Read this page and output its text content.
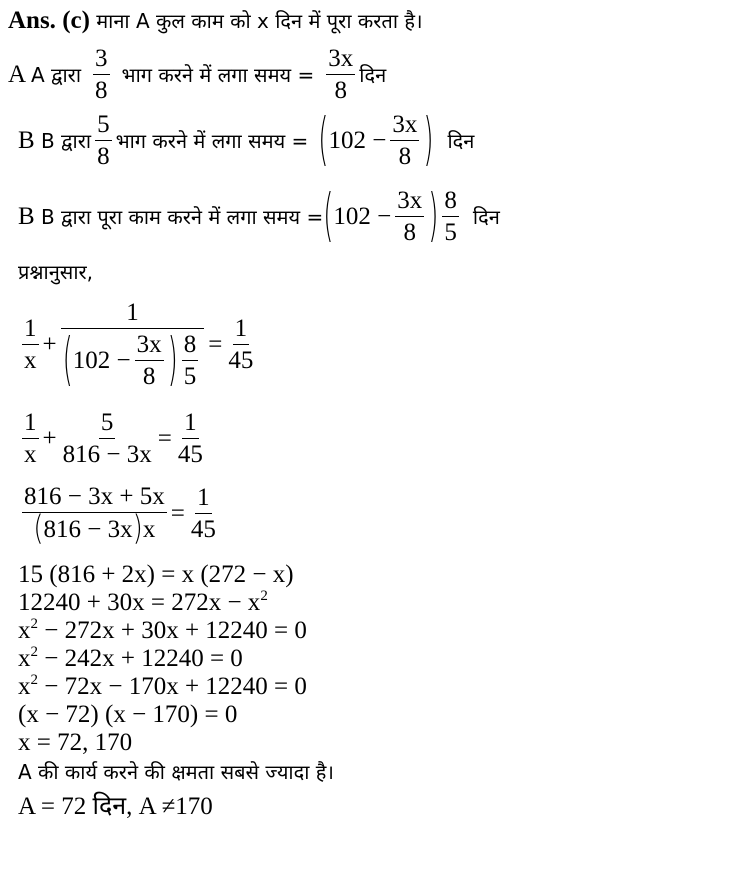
Ans. (c) माना A कुल काम को x दिन में पूरा करता है।
A A द्वारा $\frac{3}{8}$ भाग करने में लगा समय = $\frac{3x}{8}$ दिन
B B द्वारा $\frac{5}{8}$ भाग करने में लगा समय = ( $102 - \frac{3x}{8}$ ) दिन
B B द्वारा पूरा काम करने में लगा समय = ( $102 - \frac{3x}{8}$ ) $\frac{8}{5}$ दिन
प्रश्नानुसार,
$\frac{1}{x} + \frac{1}{( 102 - \frac{3x}{8} ) \frac{8}{5}} = \frac{1}{45}$
$\frac{1}{x} + \frac{5}{816 - 3x} = \frac{1}{45}$
$\frac{816 - 3x + 5x}{( 816 - 3x ) x} = \frac{1}{45}$
15 (816 + 2x) = x (272 − x)
$12240 + 30x = 272x - x^2$
$x^2 - 272x + 30x + 12240 = 0$
$x^2 - 242x + 12240 = 0$
$x^2 - 72x - 170x + 12240 = 0$
(x − 72) (x − 170) = 0
x = 72, 170
A की कार्य करने की क्षमता सबसे ज्यादा है।
A = 72 दिन, A ≠170
